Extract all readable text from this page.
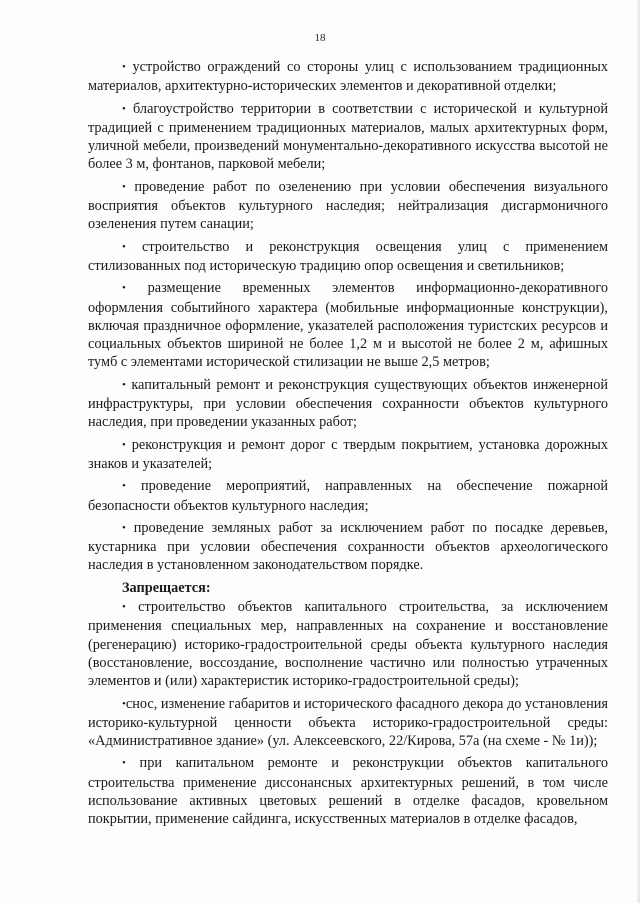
18

• устройство ограждений со стороны улиц с использованием традиционных материалов, архитектурно-исторических элементов и декоративной отделки;

• благоустройство территории в соответствии с исторической и культурной традицией с применением традиционных материалов, малых архитектурных форм, уличной мебели, произведений монументально-декоративного искусства высотой не более 3 м, фонтанов, парковой мебели;

• проведение работ по озеленению при условии обеспечения визуального восприятия объектов культурного наследия; нейтрализация дисгармоничного озеленения путем санации;

• строительство и реконструкция освещения улиц с применением стилизованных под историческую традицию опор освещения и светильников;

• размещение временных элементов информационно-декоративного оформления событийного характера (мобильные информационные конструкции), включая праздничное оформление, указателей расположения туристских ресурсов и социальных объектов шириной не более 1,2 м и высотой не более 2 м, афишных тумб с элементами исторической стилизации не выше 2,5 метров;

• капитальный ремонт и реконструкция существующих объектов инженерной инфраструктуры, при условии обеспечения сохранности объектов культурного наследия, при проведении указанных работ;

• реконструкция и ремонт дорог с твердым покрытием, установка дорожных знаков и указателей;

• проведение мероприятий, направленных на обеспечение пожарной безопасности объектов культурного наследия;

• проведение земляных работ за исключением работ по посадке деревьев, кустарника при условии обеспечения сохранности объектов археологического наследия в установленном законодательством порядке.

Запрещается:

• строительство объектов капитального строительства, за исключением применения специальных мер, направленных на сохранение и восстановление (регенерацию) историко-градостроительной среды объекта культурного наследия (восстановление, воссоздание, восполнение частично или полностью утраченных элементов и (или) характеристик историко-градостроительной среды);

•снос, изменение габаритов и исторического фасадного декора до установления историко-культурной ценности объекта историко-градостроительной среды: «Административное здание» (ул. Алексеевского, 22/Кирова, 57а (на схеме - № 1и));

• при капитальном ремонте и реконструкции объектов капитального строительства применение диссонансных архитектурных решений, в том числе использование активных цветовых решений в отделке фасадов, кровельном покрытии, применение сайдинга, искусственных материалов в отделке фасадов,
